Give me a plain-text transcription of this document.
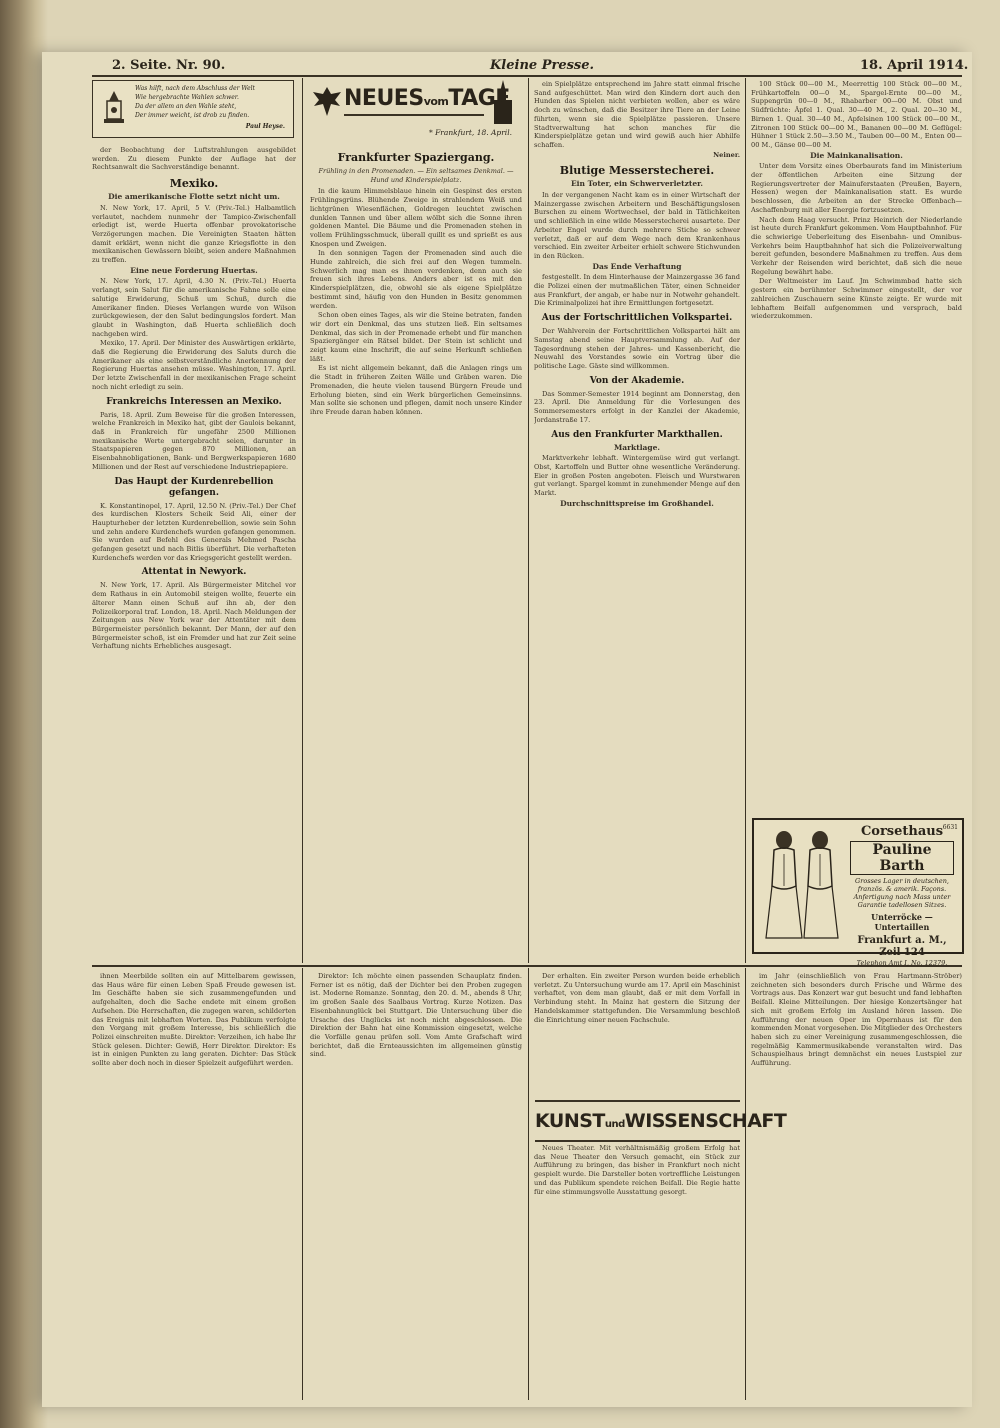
2. Seite. Nr. 90.	Kleine Presse.	18. April 1914.
Was hilft, nach dem Abschluss der Welt
Wie hergebrachte Wahlen schwer.
Da der allem an den Wahle steht,
Der immer weicht, ist drob zu finden.
Paul Heyse.
NEUESvomTAGE
* Frankfurt, 18. April.

der Beobachtung der Luftstrahlungen ausgebildet werden. Zu diesem Punkte der Auflage hat der Rechtsanwalt die Sachverständige benannt.

Mexiko.
Die amerikanische Flotte setzt nicht um.

N. New York, 17. April, 5 V. (Priv.-Tel.) Halbamtlich verlautet, nachdem nunmehr der Tampico-Zwischenfall erledigt ist, werde Huerta offenbar provokatorische Verzögerungen machen. Die Vereinigten Staaten hätten damit erklärt, wenn nicht die ganze Kriegsflotte in den mexikanischen Gewässern bleibt, seien andere Maßnahmen zu treffen.

Eine neue Forderung Huertas.

N. New York, 17. April, 4.30 N. (Priv.-Tel.) Huerta verlangt, sein Salut für die amerikanische Fahne solle eine salutige Erwiderung, Schuß um Schuß, durch die Amerikaner finden. Dieses Verlangen wurde von Wilson zurückgewiesen, der den Salut bedingungslos fordert. Man glaubt in Washington, daß Huerta schließlich doch nachgeben wird.

Mexiko, 17. April. Der Minister des Auswärtigen erklärte, daß die Regierung die Erwiderung des Saluts durch die Amerikaner als eine selbstverständliche Anerkennung der Regierung Huertas ansehen müsse. Washington, 17. April. Der letzte Zwischenfall in der mexikanischen Frage scheint noch nicht erledigt zu sein.

Frankreichs Interessen an Mexiko.

Paris, 18. April. Zum Beweise für die großen Interessen, welche Frankreich in Mexiko hat, gibt der Gaulois bekannt, daß in Frankreich für ungefähr 2500 Millionen mexikanische Werte untergebracht seien, darunter in Staatspapieren gegen 870 Millionen, an Eisenbahnobligationen, Bank- und Bergwerkspapieren 1680 Millionen und der Rest auf verschiedene Industriepapiere.

Das Haupt der Kurdenrebellion gefangen.

K. Konstantinopel, 17. April, 12.50 N. (Priv.-Tel.) Der Chef des kurdischen Klosters Scheik Seid Ali, einer der Haupturheber der letzten Kurdenrebellion, sowie sein Sohn und zehn andere Kurdenchefs wurden gefangen genommen. Sie wurden auf Befehl des Generals Mehmed Pascha gefangen gesetzt und nach Bitlis überführt. Die verhafteten Kurdenchefs werden vor das Kriegsgericht gestellt werden.

Attentat in Newyork.

N. New York, 17. April. Als Bürgermeister Mitchel vor dem Rathaus in ein Automobil steigen wollte, feuerte ein älterer Mann einen Schuß auf ihn ab, der den Polizeikorporal traf. London, 18. April. Nach Meldungen der Zeitungen aus New York war der Attentäter mit dem Bürgermeister persönlich bekannt. Der Mann, der auf den Bürgermeister schoß, ist ein Fremder und hat zur Zeit seine Verhaftung nichts Erhebliches ausgesagt.

Frankfurter Spaziergang.
Frühling in den Promenaden. — Ein seltsames Denkmal. — Hund und Kinderspielplatz.

In die kaum Himmelsblaue hinein ein Gespinst des ersten Frühlingsgrüns. Blühende Zweige in strahlendem Weiß und lichtgrünen Wiesenflächen, Goldregen leuchtet zwischen dunklen Tannen und über allem wölbt sich die Sonne ihren goldenen Mantel. Die Bäume und die Promenaden stehen in vollem Frühlingsschmuck, überall quillt es und sprießt es aus Knospen und Zweigen.

In den sonnigen Tagen der Promenaden sind auch die Hunde zahlreich, die sich frei auf den Wegen tummeln. Schwerlich mag man es ihnen verdenken, denn auch sie freuen sich ihres Lebens. Anders aber ist es mit den Kinderspielplätzen, die, obwohl sie als eigene Spielplätze bestimmt sind, häufig von den Hunden in Besitz genommen werden.

Schon oben eines Tages, als wir die Steine betraten, fanden wir dort ein Denkmal, das uns stutzen ließ. Ein seltsames Denkmal, das sich in der Promenade erhebt und für manchen Spaziergänger ein Rätsel bildet. Der Stein ist schlicht und zeigt kaum eine Inschrift, die auf seine Herkunft schließen läßt.

Es ist nicht allgemein bekannt, daß die Anlagen rings um die Stadt in früheren Zeiten Wälle und Gräben waren. Die Promenaden, die heute vielen tausend Bürgern Freude und Erholung bieten, sind ein Werk bürgerlichen Gemeinsinns. Man sollte sie schonen und pflegen, damit noch unsere Kinder ihre Freude daran haben können.

ein Spielplätze entsprechend im Jahre statt einmal frische Sand aufgeschüttet. Man wird den Kindern dort auch den Hunden das Spielen nicht verbieten wollen, aber es wäre doch zu wünschen, daß die Besitzer ihre Tiere an der Leine führten, wenn sie die Spielplätze passieren. Unsere Stadtverwaltung hat schon manches für die Kinderspielplätze getan und wird gewiß auch hier Abhilfe schaffen.

Neiner.
Blutige Messerstecherei.
Ein Toter, ein Schwerverletzter.

In der vergangenen Nacht kam es in einer Wirtschaft der Mainzergasse zwischen Arbeitern und Beschäftigungslosen Burschen zu einem Wortwechsel, der bald in Tätlichkeiten und schließlich in eine wilde Messerstecherei ausartete. Der Arbeiter Engel wurde durch mehrere Stiche so schwer verletzt, daß er auf dem Wege nach dem Krankenhaus verschied. Ein zweiter Arbeiter erhielt schwere Stichwunden in den Rücken.

Das Ende Verhaftung

festgestellt. In dem Hinterhause der Mainzergasse 36 fand die Polizei einen der mutmaßlichen Täter, einen Schneider aus Frankfurt, der angab, er habe nur in Notwehr gehandelt. Die Kriminalpolizei hat ihre Ermittlungen fortgesetzt.

Aus der Fortschrittlichen Volkspartei.

Der Wahlverein der Fortschrittlichen Volkspartei hält am Samstag abend seine Hauptversammlung ab. Auf der Tagesordnung stehen der Jahres- und Kassenbericht, die Neuwahl des Vorstandes sowie ein Vortrag über die politische Lage. Gäste sind willkommen.

Von der Akademie.

Das Sommer-Semester 1914 beginnt am Donnerstag, den 23. April. Die Anmeldung für die Vorlesungen des Sommersemesters erfolgt in der Kanzlei der Akademie, Jordanstraße 17.

Aus den Frankfurter Markthallen.
Marktlage.

Marktverkehr lebhaft. Wintergemüse wird gut verlangt. Obst, Kartoffeln und Butter ohne wesentliche Veränderung. Eier in großen Posten angeboten. Fleisch und Wurstwaren gut verlangt. Spargel kommt in zunehmender Menge auf den Markt.

Durchschnittspreise im Großhandel.

100 Stück 00—00 M., Meerrettig 100 Stück 00—00 M., Frühkartoffeln 00—0 M., Spargel-Ernte 00—00 M., Suppengrün 00—0 M., Rhabarber 00—00 M. Obst und Südfrüchte: Äpfel 1. Qual. 30—40 M., 2. Qual. 20—30 M., Birnen 1. Qual. 30—40 M., Apfelsinen 100 Stück 00—00 M., Zitronen 100 Stück 00—00 M., Bananen 00—00 M. Geflügel: Hühner 1 Stück 2.50—3.50 M., Tauben 00—00 M., Enten 00—00 M., Gänse 00—00 M.

Die Mainkanalisation.

Unter dem Vorsitz eines Oberbaurats fand im Ministerium der öffentlichen Arbeiten eine Sitzung der Regierungsvertreter der Mainuferstaaten (Preußen, Bayern, Hessen) wegen der Mainkanalisation statt. Es wurde beschlossen, die Arbeiten an der Strecke Offenbach—Aschaffenburg mit aller Energie fortzusetzen.

Nach dem Haag versucht. Prinz Heinrich der Niederlande ist heute durch Frankfurt gekommen. Vom Hauptbahnhof. Für die schwierige Ueberleitung des Eisenbahn- und Omnibus-Verkehrs beim Hauptbahnhof hat sich die Polizeiverwaltung bereit gefunden, besondere Maßnahmen zu treffen. Aus dem Verkehr der Reisenden wird berichtet, daß sich die neue Regelung bewährt habe.

Der Weltmeister im Lauf. Jm Schwimmbad hatte sich gestern ein berühmter Schwimmer eingestellt, der vor zahlreichen Zuschauern seine Künste zeigte. Er wurde mit lebhaftem Beifall aufgenommen und versprach, bald wiederzukommen.

6631
Corsethaus
Pauline Barth
Grosses Lager in deutschen, französ. & amerik. Façons. Anfertigung nach Mass unter Garantie tadellosen Sitzes.
Unterröcke — Untertaillen
Frankfurt a. M., Zeil 124
Telephon Amt I, No. 12379.

ihnen Meerbilde sollten ein auf Mittelbarem gewissen, das Haus wäre für einen Leben Spaß Freude gewesen ist. Im Geschäfte haben sie sich zusammengefunden und aufgehalten, doch die Sache endete mit einem großen Aufsehen. Die Herrschaften, die zugegen waren, schilderten das Ereignis mit lebhaften Worten. Das Publikum verfolgte den Vorgang mit großem Interesse, bis schließlich die Polizei einschreiten mußte. Direktor: Verzeihen, ich habe Ihr Stück gelesen. Dichter: Gewiß, Herr Direktor. Direktor: Es ist in einigen Punkten zu lang geraten. Dichter: Das Stück sollte aber doch noch in dieser Spielzeit aufgeführt werden.

Direktor: Ich möchte einen passenden Schauplatz finden. Ferner ist es nötig, daß der Dichter bei den Proben zugegen ist. Moderne Romanze. Sonntag, den 20. d. M., abends 8 Uhr, im großen Saale des Saalbaus Vortrag. Kurze Notizen. Das Eisenbahnunglück bei Stuttgart. Die Untersuchung über die Ursache des Unglücks ist noch nicht abgeschlossen. Die Direktion der Bahn hat eine Kommission eingesetzt, welche die Vorfälle genau prüfen soll. Vom Amte Grafschaft wird berichtet, daß die Ernteaussichten im allgemeinen günstig sind.

Der erhalten. Ein zweiter Person wurden beide erheblich verletzt. Zu Untersuchung wurde am 17. April ein Maschinist verhaftet, von dem man glaubt, daß er mit dem Vorfall in Verbindung steht. In Mainz hat gestern die Sitzung der Handelskammer stattgefunden. Die Versammlung beschloß die Einrichtung einer neuen Fachschule.

KUNSTundWISSENSCHAFT

Neues Theater. Mit verhältnismäßig großem Erfolg hat das Neue Theater den Versuch gemacht, ein Stück zur Aufführung zu bringen, das bisher in Frankfurt noch nicht gespielt wurde. Die Darsteller boten vortreffliche Leistungen und das Publikum spendete reichen Beifall. Die Regie hatte für eine stimmungsvolle Ausstattung gesorgt.

im Jahr (einschließlich von Frau Hartmann-Ströber) zeichneten sich besonders durch Frische und Wärme des Vortrags aus. Das Konzert war gut besucht und fand lebhaften Beifall. Kleine Mitteilungen. Der hiesige Konzertsänger hat sich mit großem Erfolg im Ausland hören lassen. Die Aufführung der neuen Oper im Opernhaus ist für den kommenden Monat vorgesehen. Die Mitglieder des Orchesters haben sich zu einer Vereinigung zusammengeschlossen, die regelmäßig Kammermusikabende veranstalten wird. Das Schauspielhaus bringt demnächst ein neues Lustspiel zur Aufführung.
